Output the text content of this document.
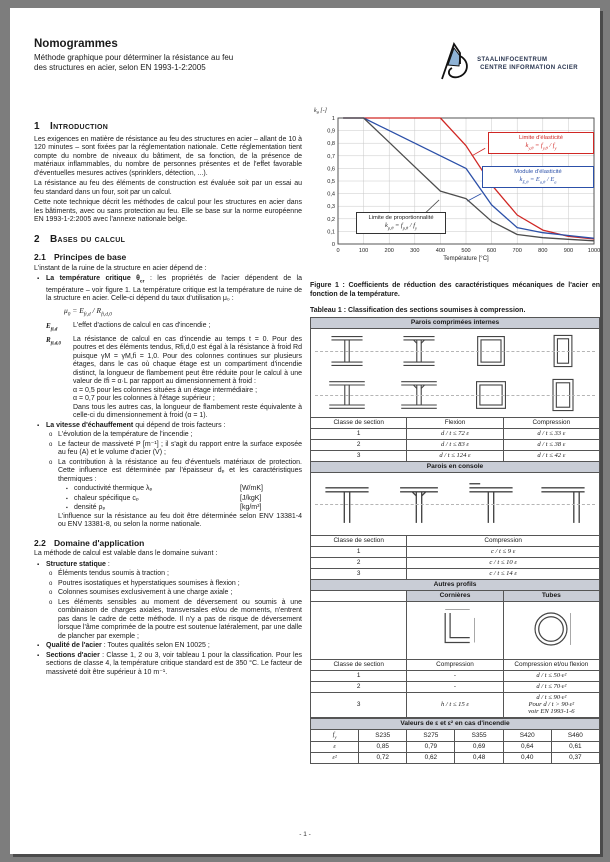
Nomogrammes
Méthode graphique pour déterminer la résistance au feu
des structures en acier, selon EN 1993-1-2:2005
STAALINFOCENTRUM
CENTRE INFORMATION ACIER
1 Introduction

Les exigences en matière de résistance au feu des structures en acier – allant de 10 à 120 minutes – sont fixées par la réglementation nationale. Cette réglementation tient compte du nombre de niveaux du bâtiment, de sa fonction, de la présence de matériaux inflammables, du nombre de personnes présentes et de l'effet favorable d'éventuelles mesures actives (sprinklers, détection, ...).

La résistance au feu des éléments de construction est évaluée soit par un essai au feu standard dans un four, soit par un calcul.

Cette note technique décrit les méthodes de calcul pour les structures en acier dans les bâtiments, avec ou sans protection au feu. Elle se base sur la norme européenne EN 1993-1-2:2005 avec l'annexe nationale belge.

2 Bases du calcul
2.1 Principes de base

L'instant de la ruine de la structure en acier dépend de :

▪ La température critique $\theta_{cr}$ : les propriétés de l'acier dépendent de la température – voir figure 1. La température critique est la température de ruine de la structure en acier. Celle-ci dépend du taux d'utilisation μ₀ :
$\mu_0 = E_{fi,d} / R_{fi,d,0}$
$E_{fi,d}$
L'effet d'actions de calcul en cas d'incendie ;
$R_{fi,d,0}$
La résistance de calcul en cas d'incendie au temps t = 0. Pour des poutres et des éléments tendus, Rfi,d,0 est égal à la résistance à froid Rd puisque γM = γM,fi = 1,0. Pour des colonnes continues sur plusieurs étages, dans le cas où chaque étage est un compartiment d'incendie distinct, la longueur de flambement peut être réduite pour le calcul à une valeur de ℓfi = α·L par rapport au dimensionnement à froid :
α = 0,5 pour les colonnes situées à un étage intermédiaire ;
α = 0,7 pour les colonnes à l'étage supérieur ;
Dans tous les autres cas, la longueur de flambement reste équivalente à celle-ci du dimensionnement à froid (α = 1).
▪ La vitesse d'échauffement qui dépend de trois facteurs :
o L'évolution de la température de l'incendie ;
o Le facteur de massiveté P [m⁻¹] ; il s'agit du rapport entre la surface exposée au feu (A) et le volume d'acier (V) ;
o La contribution à la résistance au feu d'éventuels matériaux de protection. Cette influence est déterminée par l'épaisseur dₚ et les caractéristiques thermiques :
▪ conductivité thermique λₚ	[W/mK]
▪ chaleur spécifique cₚ	[J/kgK]
▪ densité ρₚ	[kg/m³]
L'influence sur la résistance au feu doit être déterminée selon ENV 13381-4 ou ENV 13381-8, ou selon la norme nationale.
2.2 Domaine d'application

La méthode de calcul est valable dans le domaine suivant :

▪ Structure statique :
o Éléments tendus soumis à traction ;
o Poutres isostatiques et hyperstatiques soumises à flexion ;
o Colonnes soumises exclusivement à une charge axiale ;
o Les éléments sensibles au moment de déversement ou soumis à une combinaison de charges axiales, transversales et/ou de moments, n'entrent pas dans le cadre de cette méthode. Il n'y a pas de risque de déversement lorsque l'âme comprimée de la poutre est soutenue latéralement, par une dalle de plancher par exemple ;
▪ Qualité de l'acier : Toutes qualités selon EN 10025 ;
▪ Sections d'acier : Classe 1, 2 ou 3, voir tableau 1 pour la classification. Pour les sections de classe 4, la température critique standard est de 350 °C. Le facteur de massiveté doit être supérieur à 10 m⁻¹.
0
0,1
0,2
0,3
0,4
0,5
0,6
0,7
0,8
0,9
1
0	100	200	300	400	500	600	700	800	900	1000
Température [°C]
$k_\theta$ [-]
Limite d'élasticité
$k_{y,\theta} = f_{y,\theta} / f_y$
Module d'élasticité
$k_{E,\theta} = E_{a,\theta} / E_a$
Limite de proportionnalité
$k_{p,\theta} = f_{p,\theta} / f_y$
Figure 1 : Coefficients de réduction des caractéristiques mécaniques de l'acier en fonction de la température.
Tableau 1 : Classification des sections soumises à compression.
Parois comprimées internes		

Classe de section	Flexion	Compression
1	d / t ≤ 72 ε	d / t ≤ 33 ε
2	d / t ≤ 83 ε	d / t ≤ 38 ε
3	d / t ≤ 124 ε	d / t ≤ 42 ε
Parois en console		

Classe de section	Compression	
1	c / t ≤ 9 ε	
2	c / t ≤ 10 ε	
3	c / t ≤ 14 ε	
Autres profils		
	Cornières	Tubes

Classe de section	Compression	Compression et/ou flexion
1	-	d / t ≤ 50·ε²
2	-	d / t ≤ 70·ε²
3	h / t ≤ 15 ε	d / t ≤ 90·ε²
Pour d / t > 90·ε²
voir EN 1993-1-6
Valeurs de ε et ε² en cas d'incendie					
$f_y$	S235	S275	S355	S420	S460
ε	0,85	0,79	0,69	0,64	0,61
ε²	0,72	0,62	0,48	0,40	0,37
- 1 -
